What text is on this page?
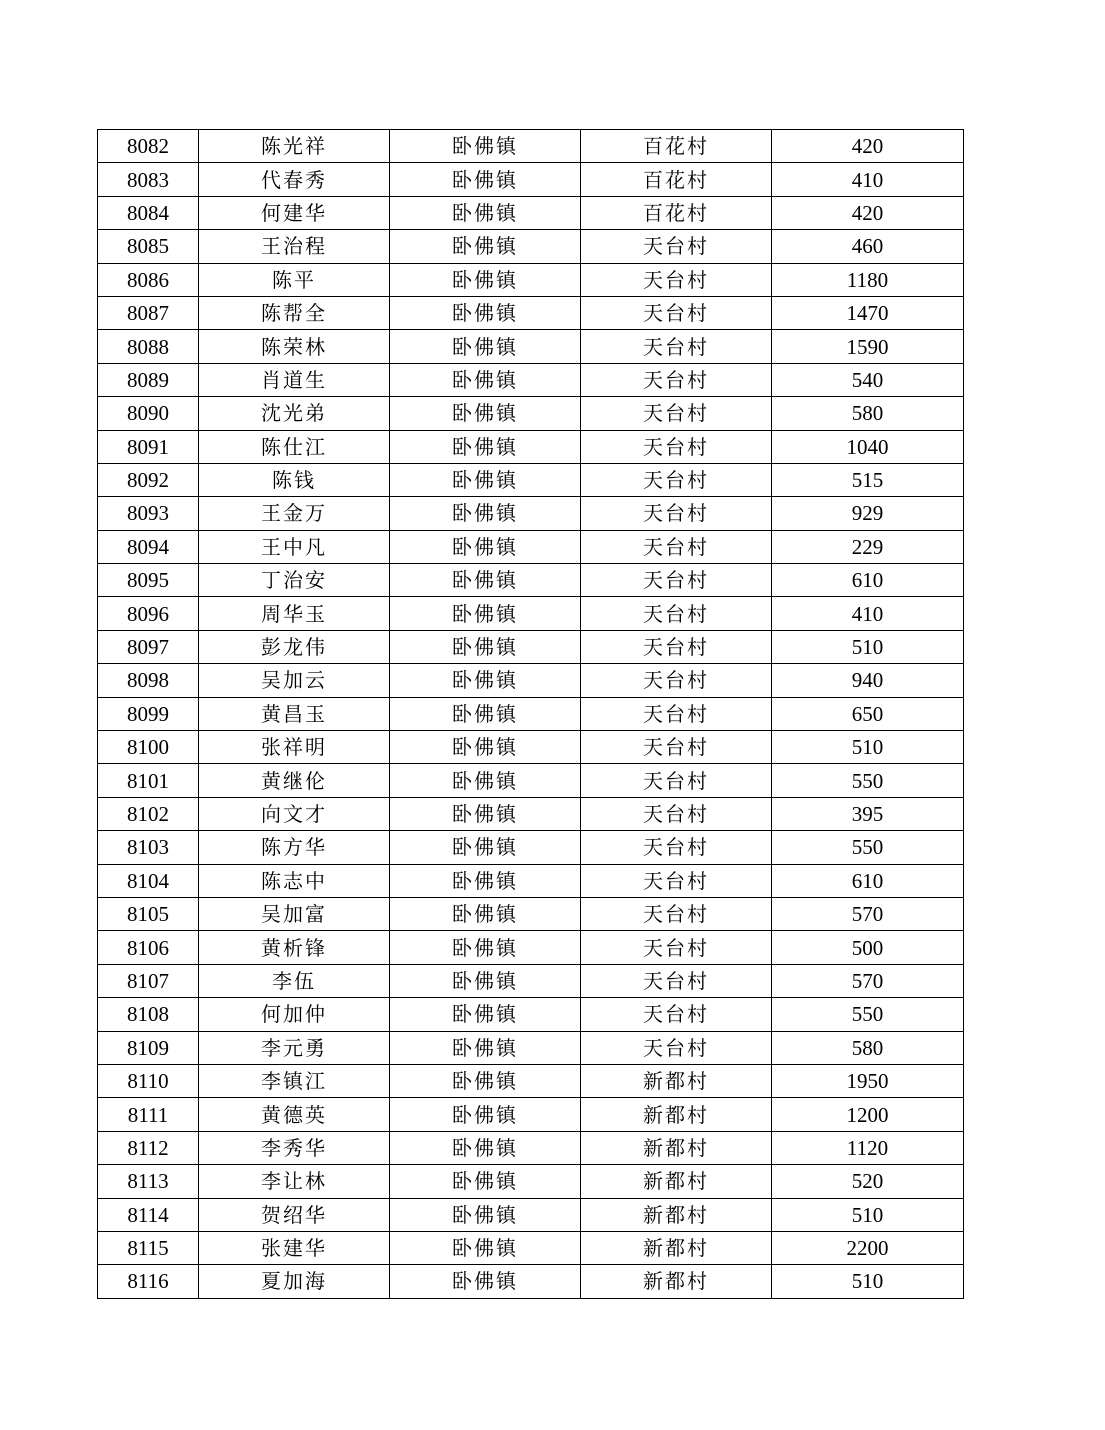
8082	陈光祥	卧佛镇	百花村	420
8083	代春秀	卧佛镇	百花村	410
8084	何建华	卧佛镇	百花村	420
8085	王治程	卧佛镇	天台村	460
8086	陈平	卧佛镇	天台村	1180
8087	陈帮全	卧佛镇	天台村	1470
8088	陈荣林	卧佛镇	天台村	1590
8089	肖道生	卧佛镇	天台村	540
8090	沈光弟	卧佛镇	天台村	580
8091	陈仕江	卧佛镇	天台村	1040
8092	陈钱	卧佛镇	天台村	515
8093	王金万	卧佛镇	天台村	929
8094	王中凡	卧佛镇	天台村	229
8095	丁治安	卧佛镇	天台村	610
8096	周华玉	卧佛镇	天台村	410
8097	彭龙伟	卧佛镇	天台村	510
8098	吴加云	卧佛镇	天台村	940
8099	黄昌玉	卧佛镇	天台村	650
8100	张祥明	卧佛镇	天台村	510
8101	黄继伦	卧佛镇	天台村	550
8102	向文才	卧佛镇	天台村	395
8103	陈方华	卧佛镇	天台村	550
8104	陈志中	卧佛镇	天台村	610
8105	吴加富	卧佛镇	天台村	570
8106	黄析锋	卧佛镇	天台村	500
8107	李伍	卧佛镇	天台村	570
8108	何加仲	卧佛镇	天台村	550
8109	李元勇	卧佛镇	天台村	580
8110	李镇江	卧佛镇	新都村	1950
8111	黄德英	卧佛镇	新都村	1200
8112	李秀华	卧佛镇	新都村	1120
8113	李让林	卧佛镇	新都村	520
8114	贺绍华	卧佛镇	新都村	510
8115	张建华	卧佛镇	新都村	2200
8116	夏加海	卧佛镇	新都村	510
